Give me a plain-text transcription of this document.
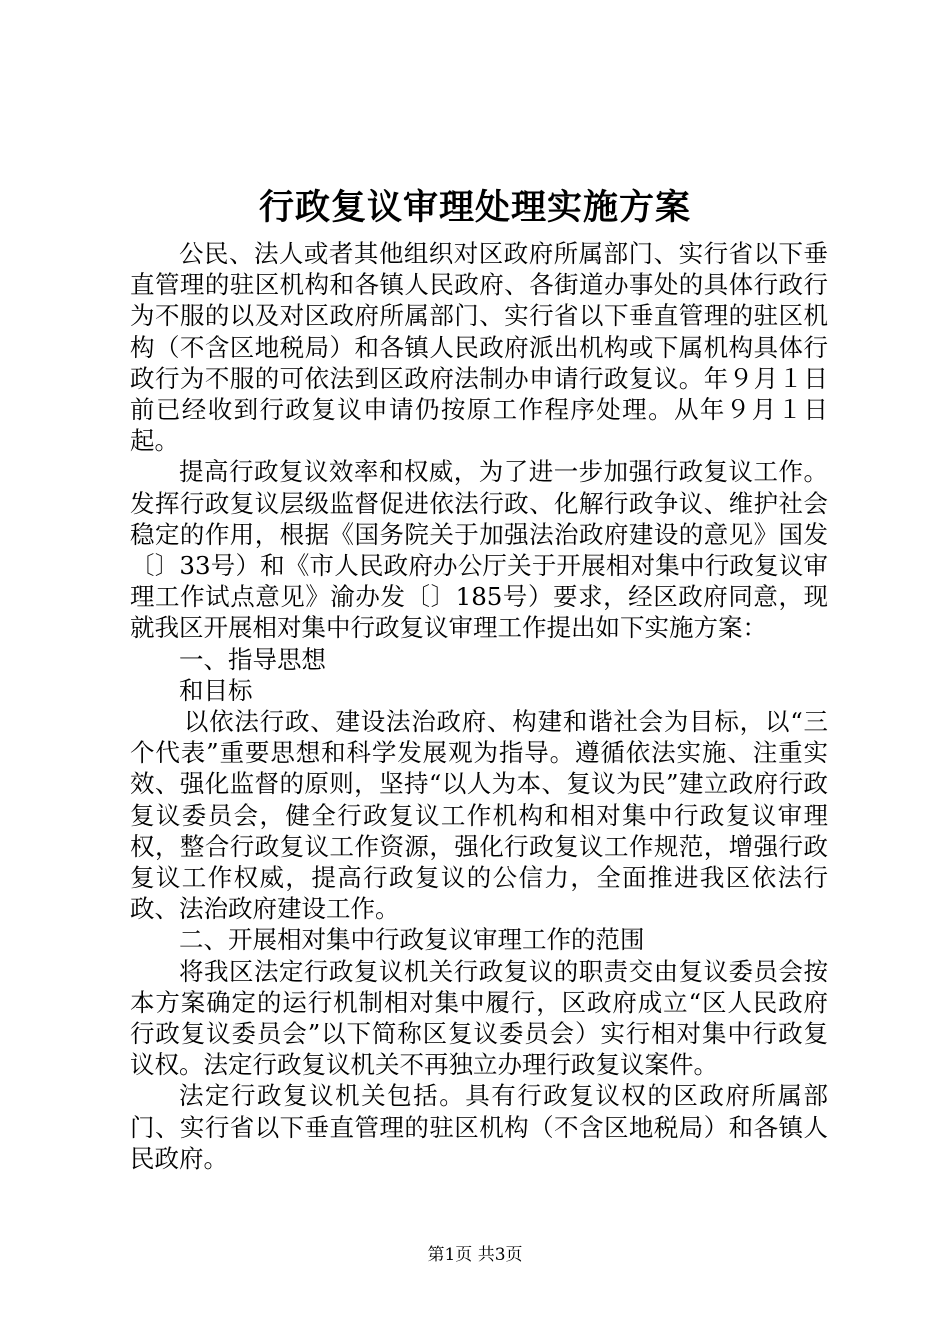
行政复议审理处理实施方案

公民、法人或者其他组织对区政府所属部门、实行省以下垂直管理的驻区机构和各镇人民政府、各街道办事处的具体行政行为不服的以及对区政府所属部门、实行省以下垂直管理的驻区机构（不含区地税局）和各镇人民政府派出机构或下属机构具体行政行为不服的可依法到区政府法制办申请行政复议。年９月１日前已经收到行政复议申请仍按原工作程序处理。从年９月１日起。

提高行政复议效率和权威，为了进一步加强行政复议工作。发挥行政复议层级监督促进依法行政、化解行政争议、维护社会稳定的作用，根据《国务院关于加强法治政府建设的意见》国发〔〕33号）和《市人民政府办公厅关于开展相对集中行政复议审理工作试点意见》渝办发〔〕185号）要求，经区政府同意，现就我区开展相对集中行政复议审理工作提出如下实施方案：

一、指导思想

和目标

以依法行政、建设法治政府、构建和谐社会为目标，以“三个代表”重要思想和科学发展观为指导。遵循依法实施、注重实效、强化监督的原则，坚持“以人为本、复议为民”建立政府行政复议委员会，健全行政复议工作机构和相对集中行政复议审理权，整合行政复议工作资源，强化行政复议工作规范，增强行政复议工作权威，提高行政复议的公信力，全面推进我区依法行政、法治政府建设工作。

二、开展相对集中行政复议审理工作的范围

将我区法定行政复议机关行政复议的职责交由复议委员会按本方案确定的运行机制相对集中履行，区政府成立“区人民政府行政复议委员会”以下简称区复议委员会）实行相对集中行政复议权。法定行政复议机关不再独立办理行政复议案件。

法定行政复议机关包括。具有行政复议权的区政府所属部门、实行省以下垂直管理的驻区机构（不含区地税局）和各镇人民政府。

第1页 共3页
